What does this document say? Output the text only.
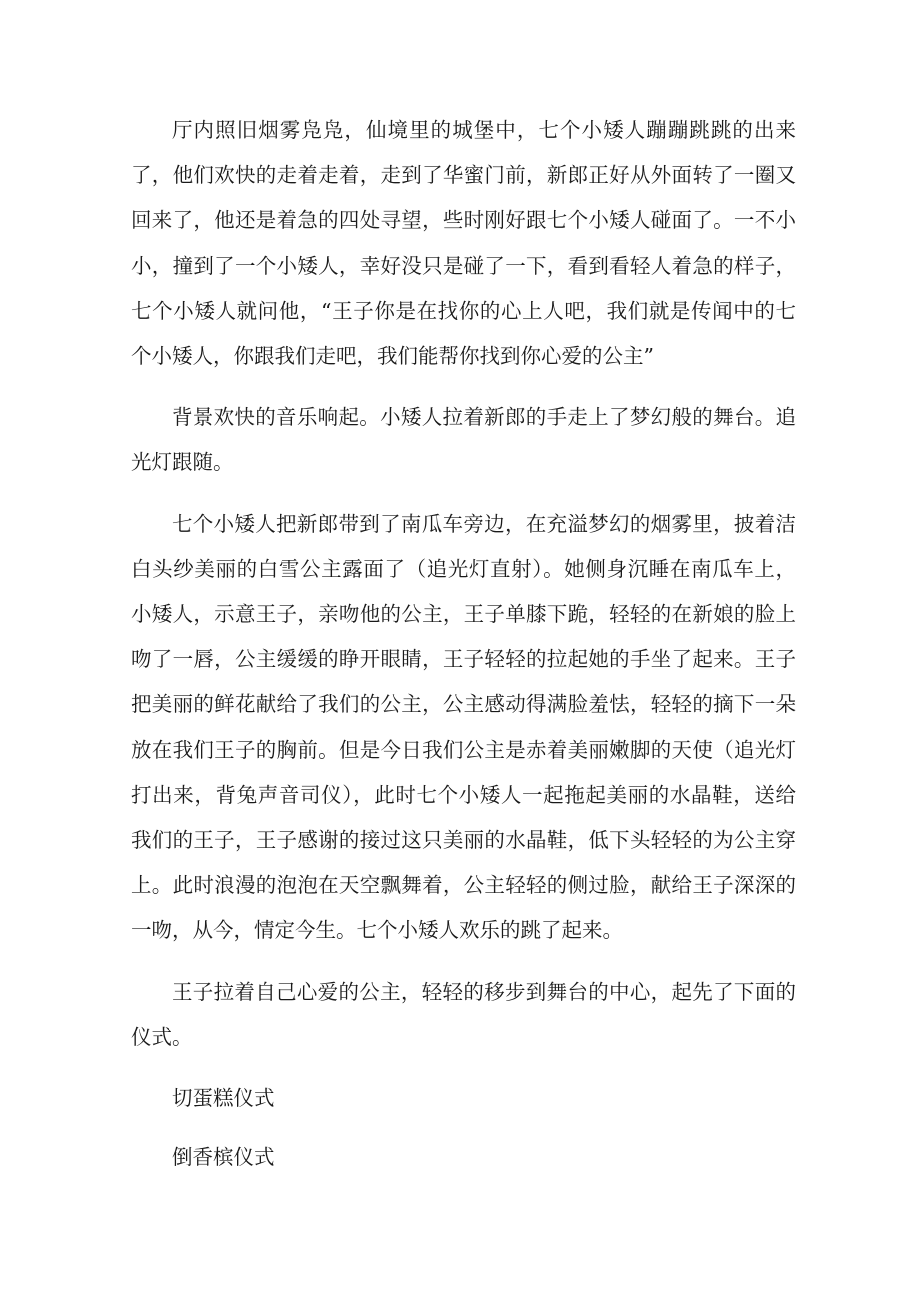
厅内照旧烟雾凫凫，仙境里的城堡中，七个小矮人蹦蹦跳跳的出来了，他们欢快的走着走着，走到了华蜜门前，新郎正好从外面转了一圈又回来了，他还是着急的四处寻望，些时刚好跟七个小矮人碰面了。一不小小，撞到了一个小矮人，幸好没只是碰了一下，看到看轻人着急的样子，七个小矮人就问他，“王子你是在找你的心上人吧，我们就是传闻中的七个小矮人，你跟我们走吧，我们能帮你找到你心爱的公主”

背景欢快的音乐响起。小矮人拉着新郎的手走上了梦幻般的舞台。追光灯跟随。

七个小矮人把新郎带到了南瓜车旁边，在充溢梦幻的烟雾里，披着洁白头纱美丽的白雪公主露面了（追光灯直射）。她侧身沉睡在南瓜车上，小矮人，示意王子，亲吻他的公主，王子单膝下跪，轻轻的在新娘的脸上吻了一唇，公主缓缓的睁开眼睛，王子轻轻的拉起她的手坐了起来。王子把美丽的鲜花献给了我们的公主，公主感动得满脸羞怯，轻轻的摘下一朵放在我们王子的胸前。但是今日我们公主是赤着美丽嫩脚的天使（追光灯打出来，背兔声音司仪），此时七个小矮人一起拖起美丽的水晶鞋，送给我们的王子，王子感谢的接过这只美丽的水晶鞋，低下头轻轻的为公主穿上。此时浪漫的泡泡在天空飘舞着，公主轻轻的侧过脸，献给王子深深的一吻，从今，情定今生。七个小矮人欢乐的跳了起来。

王子拉着自己心爱的公主，轻轻的移步到舞台的中心，起先了下面的仪式。

切蛋糕仪式

倒香槟仪式
